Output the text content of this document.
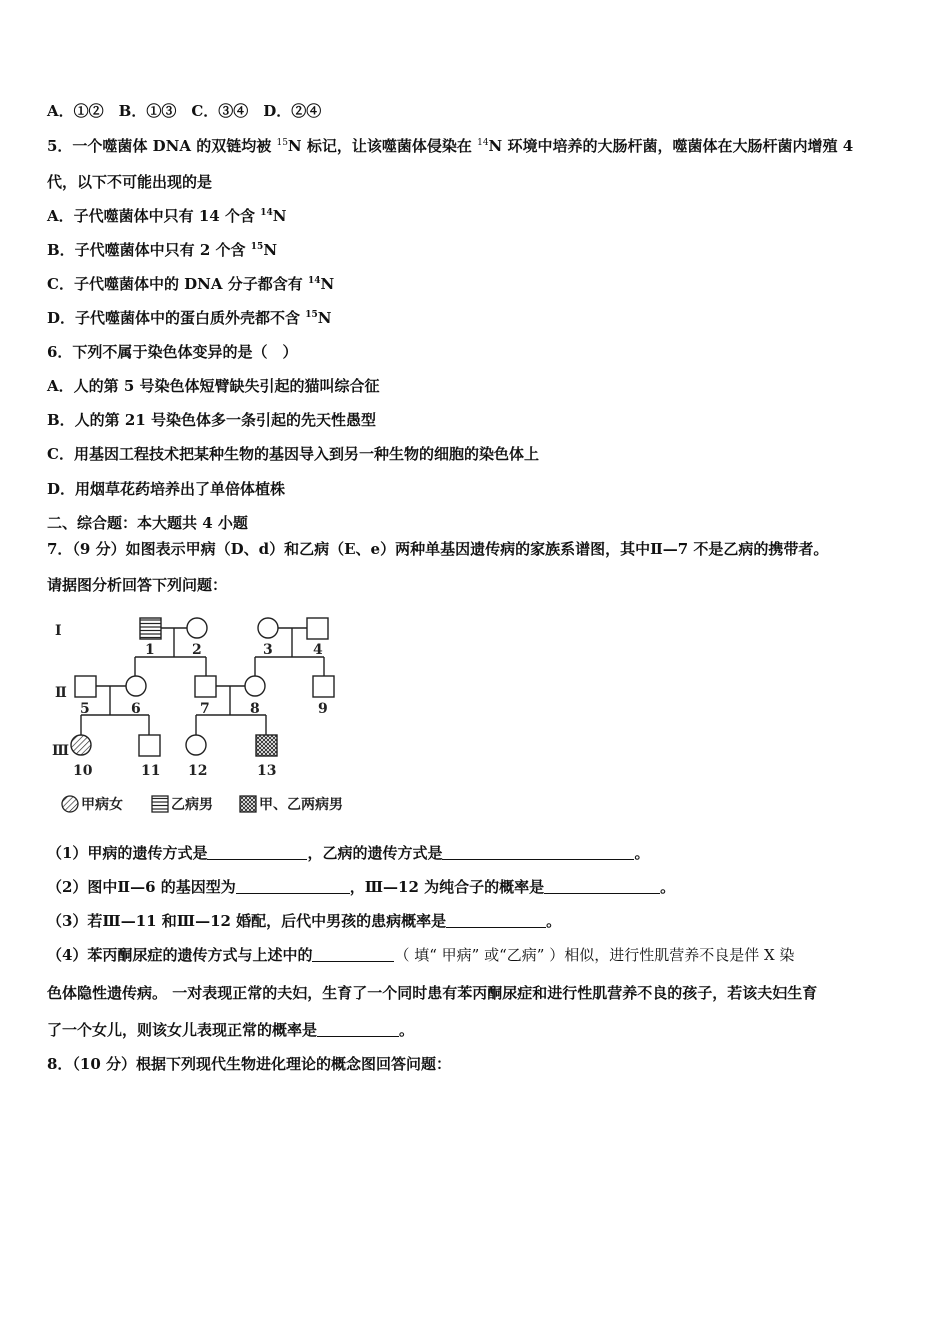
A．①②　B．①③　C．③④　D．②④
5．一个噬菌体 DNA 的双链均被 $^{15}$N 标记，让该噬菌体侵染在 $^{14}$N 环境中培养的大肠杆菌，噬菌体在大肠杆菌内增殖 4
代，以下不可能出现的是
A．子代噬菌体中只有 14 个含 $^{14}$N
B．子代噬菌体中只有 2 个含 $^{15}$N
C．子代噬菌体中的 DNA 分子都含有 $^{14}$N
D．子代噬菌体中的蛋白质外壳都不含 $^{15}$N
6．下列不属于染色体变异的是（　）
A．人的第 5 号染色体短臂缺失引起的猫叫综合征
B．人的第 21 号染色体多一条引起的先天性愚型
C．用基因工程技术把某种生物的基因导入到另一种生物的细胞的染色体上
D．用烟草花药培养出了单倍体植株
二、综合题：本大题共 4 小题
7．（9 分）如图表示甲病（D、d）和乙病（E、e）两种单基因遗传病的家族系谱图，其中Ⅱ—7 不是乙病的携带者。
请据图分析回答下列问题：
Ⅰ
Ⅱ
Ⅲ
1	2	3	4
5	6	7	8	9
10	11 12	13
甲病女	乙病男	甲、乙两病男
（1）甲病的遗传方式是	，乙病的遗传方式是	。
（2）图中Ⅱ—6 的基因型为	，Ⅲ—12 为纯合子的概率是	。
（3）若Ⅲ—11 和Ⅲ—12 婚配，后代中男孩的患病概率是	。
（4）苯丙酮尿症的遗传方式与上述中的	（ 填“ 甲病” 或“乙病” ）相似，进行性肌营养不良是伴 X 染
色体隐性遗传病。 一对表现正常的夫妇，生育了一个同时患有苯丙酮尿症和进行性肌营养不良的孩子，若该夫妇生育
了一个女儿，则该女儿表现正常的概率是	。
8．（10 分）根据下列现代生物进化理论的概念图回答问题：
